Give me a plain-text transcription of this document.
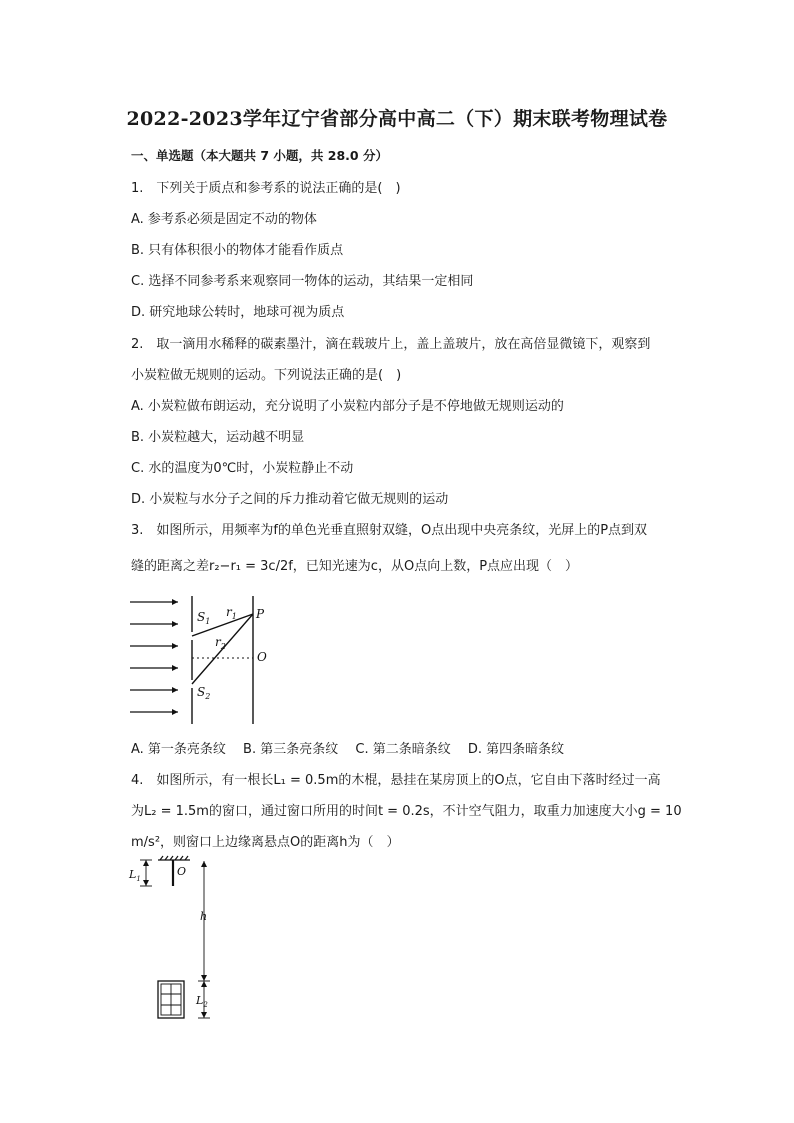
2022-2023学年辽宁省部分高中高二（下）期末联考物理试卷
一、单选题（本大题共 7 小题，共 28.0 分）
1.　下列关于质点和参考系的说法正确的是(　)
A. 参考系必须是固定不动的物体
B. 只有体积很小的物体才能看作质点
C. 选择不同参考系来观察同一物体的运动，其结果一定相同
D. 研究地球公转时，地球可视为质点
2.　取一滴用水稀释的碳素墨汁，滴在载玻片上，盖上盖玻片，放在高倍显微镜下，观察到
小炭粒做无规则的运动。下列说法正确的是(　)
A. 小炭粒做布朗运动，充分说明了小炭粒内部分子是不停地做无规则运动的
B. 小炭粒越大，运动越不明显
C. 水的温度为0℃时，小炭粒静止不动
D. 小炭粒与水分子之间的斥力推动着它做无规则的运动
3.　如图所示，用频率为f的单色光垂直照射双缝，O点出现中央亮条纹，光屏上的P点到双
缝的距离之差r₂−r₁ = 3c/2f，已知光速为c，从O点向上数，P点应出现（　）
$S_1$
$r_1$ P
$r_2$
O
$S_2$
A. 第一条亮条纹　 B. 第三条亮条纹　 C. 第二条暗条纹　 D. 第四条暗条纹
4.　如图所示，有一根长L₁ = 0.5m的木棍，悬挂在某房顶上的O点，它自由下落时经过一高
为L₂ = 1.5m的窗口，通过窗口所用的时间t = 0.2s，不计空气阻力，取重力加速度大小g = 10
m/s²，则窗口上边缘离悬点O的距离h为（　）
$L_1$
O
h
$L_2$
